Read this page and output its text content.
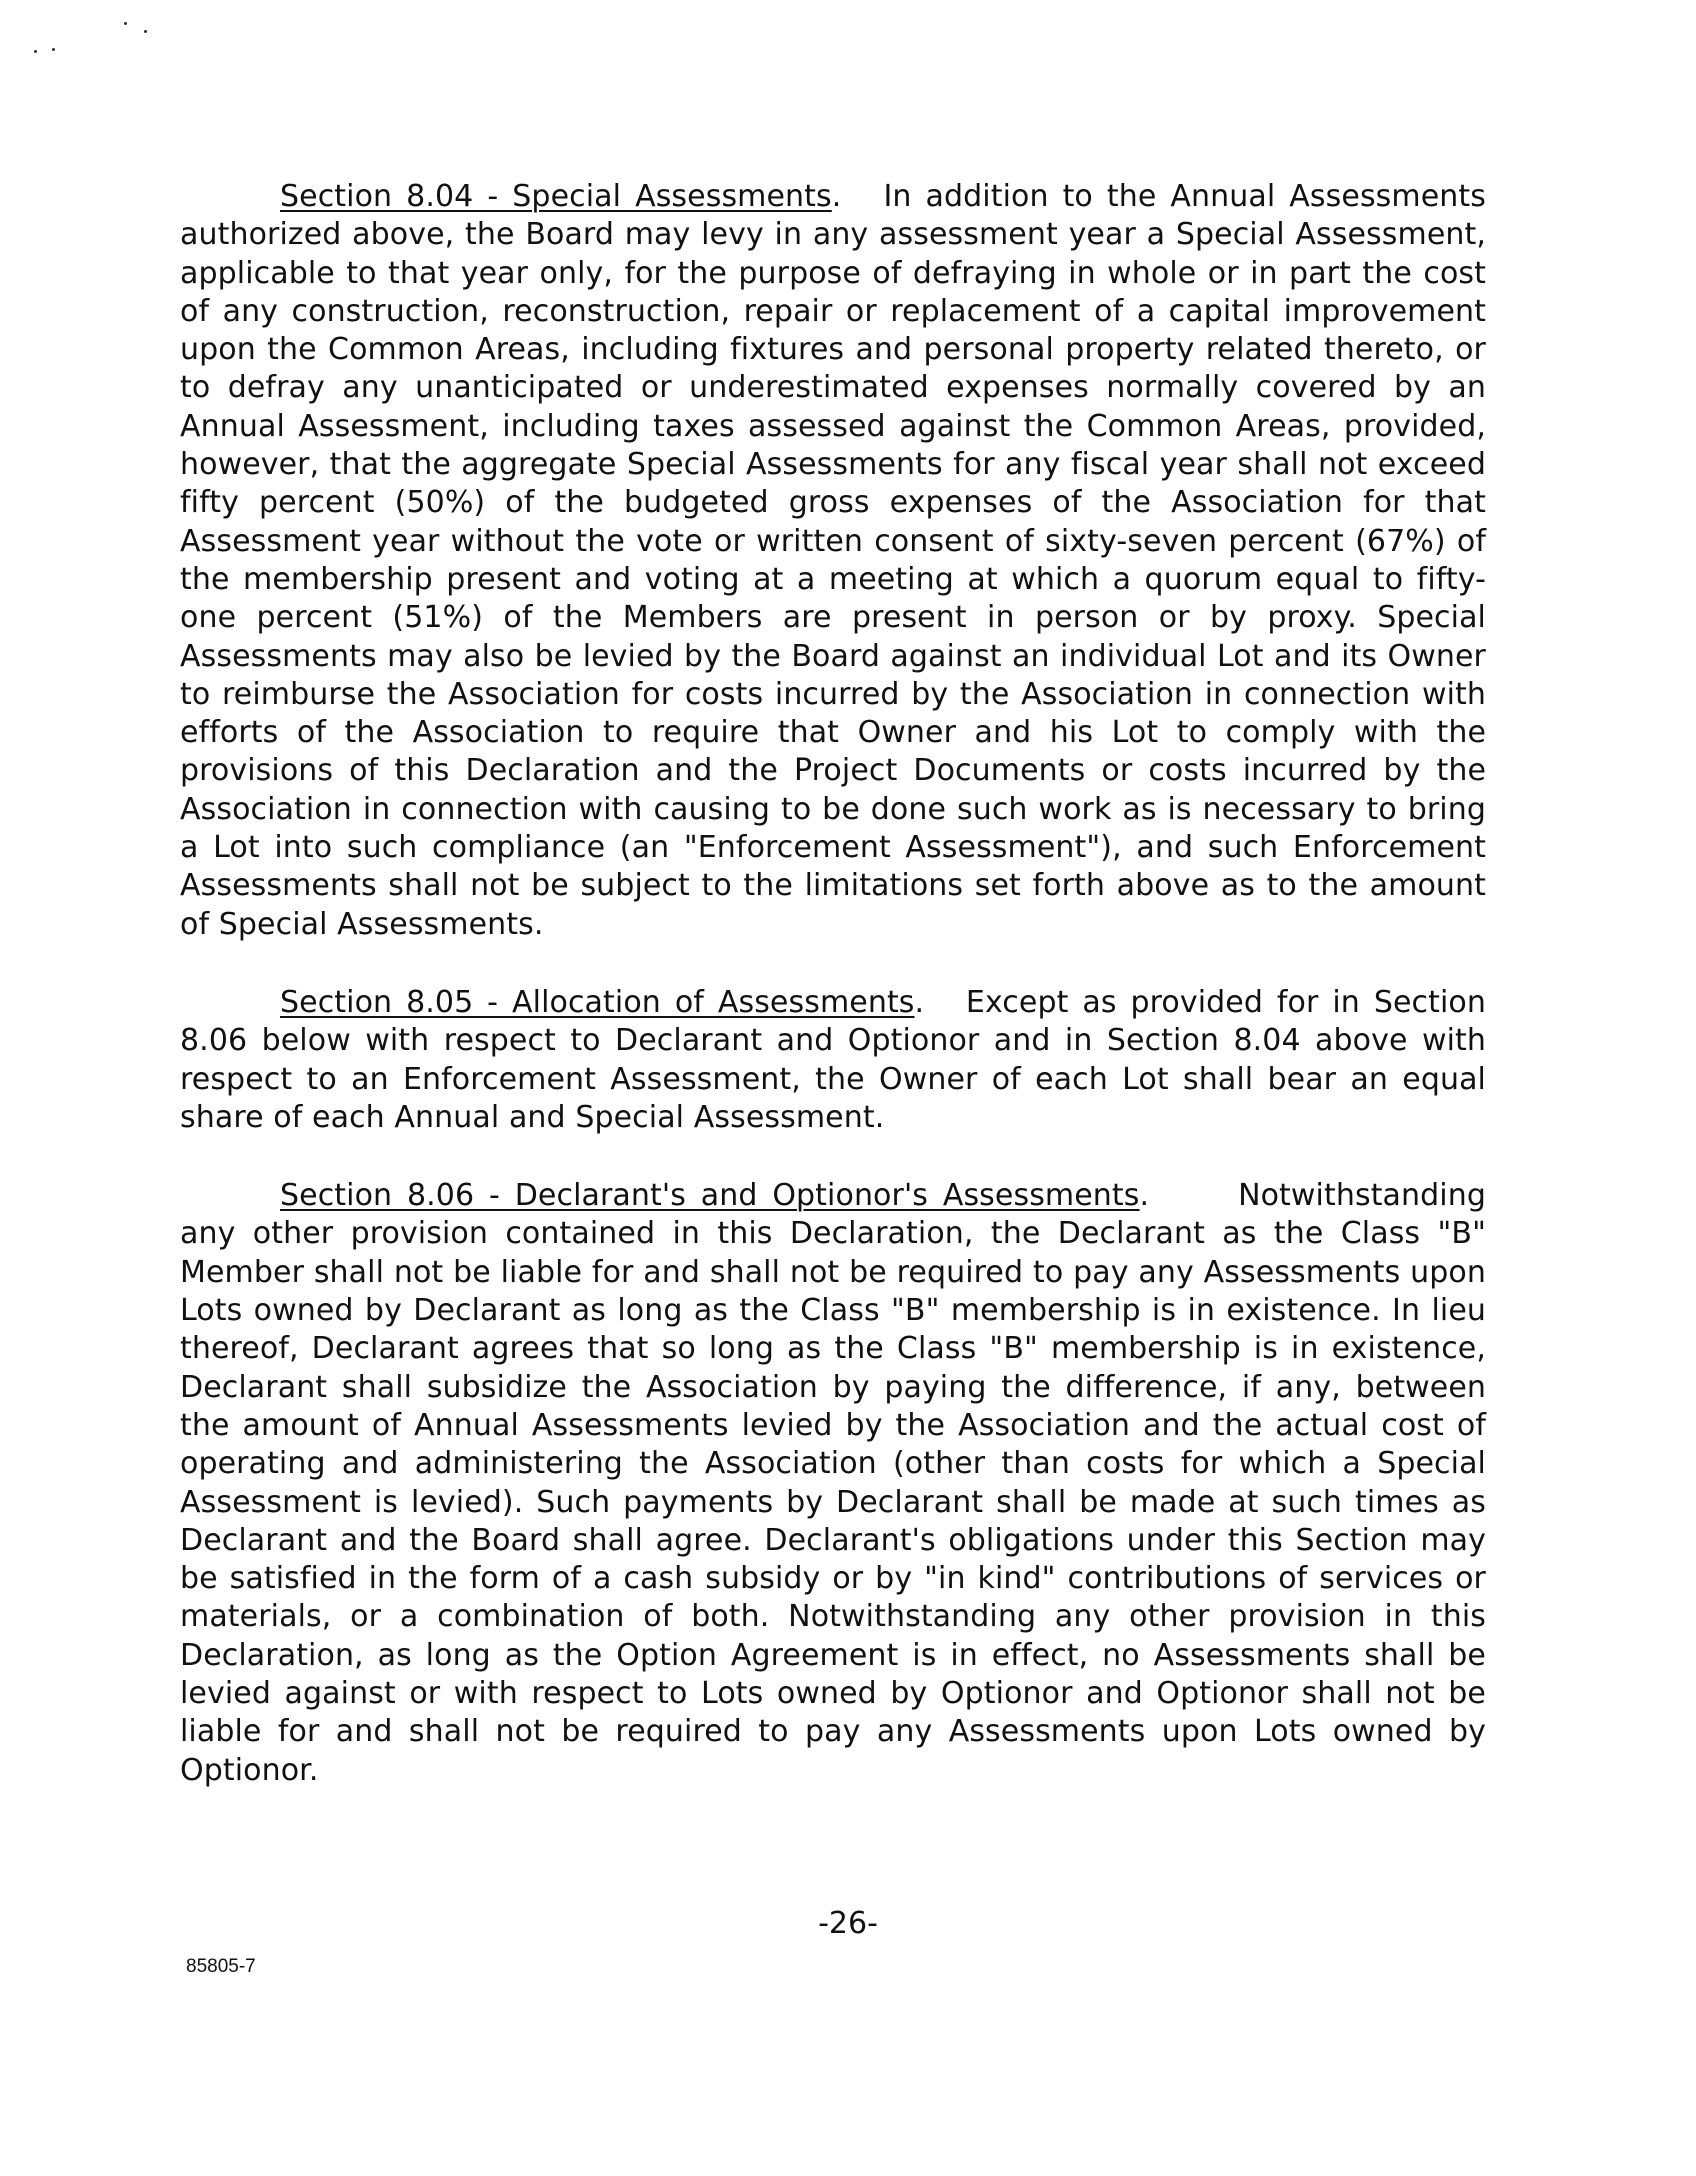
Section 8.04 - Special Assessments. In addition to the Annual Assessments authorized above, the Board may levy in any assessment year a Special Assessment, applicable to that year only, for the purpose of defraying in whole or in part the cost of any construction, reconstruction, repair or replacement of a capital improvement upon the Common Areas, including fixtures and personal property related thereto, or to defray any unanticipated or underestimated expenses normally covered by an Annual Assessment, including taxes assessed against the Common Areas, provided, however, that the aggregate Special Assessments for any fiscal year shall not exceed fifty percent (50%) of the budgeted gross expenses of the Association for that Assessment year without the vote or written consent of sixty-seven percent (67%) of the membership present and voting at a meeting at which a quorum equal to fifty-one percent (51%) of the Members are present in person or by proxy. Special Assessments may also be levied by the Board against an individual Lot and its Owner to reimburse the Association for costs incurred by the Association in connection with efforts of the Association to require that Owner and his Lot to comply with the provisions of this Declaration and the Project Documents or costs incurred by the Association in connection with causing to be done such work as is necessary to bring a Lot into such compliance (an "Enforcement Assessment"), and such Enforcement Assessments shall not be subject to the limitations set forth above as to the amount of Special Assessments.

Section 8.05 - Allocation of Assessments. Except as provided for in Section 8.06 below with respect to Declarant and Optionor and in Section 8.04 above with respect to an Enforcement Assessment, the Owner of each Lot shall bear an equal share of each Annual and Special Assessment.

Section 8.06 - Declarant's and Optionor's Assessments.	Notwithstanding any other provision contained in this Declaration, the Declarant as the Class "B" Member shall not be liable for and shall not be required to pay any Assessments upon Lots owned by Declarant as long as the Class "B" membership is in existence. In lieu thereof, Declarant agrees that so long as the Class "B" membership is in existence, Declarant shall subsidize the Association by paying the difference, if any, between the amount of Annual Assessments levied by the Association and the actual cost of operating and administering the Association (other than costs for which a Special Assessment is levied). Such payments by Declarant shall be made at such times as Declarant and the Board shall agree. Declarant's obligations under this Section may be satisfied in the form of a cash subsidy or by "in kind" contributions of services or materials, or a combination of both. Notwithstanding any other provision in this Declaration, as long as the Option Agreement is in effect, no Assessments shall be levied against or with respect to Lots owned by Optionor and Optionor shall not be liable for and shall not be required to pay any Assessments upon Lots owned by Optionor.

-26-
85805-7
